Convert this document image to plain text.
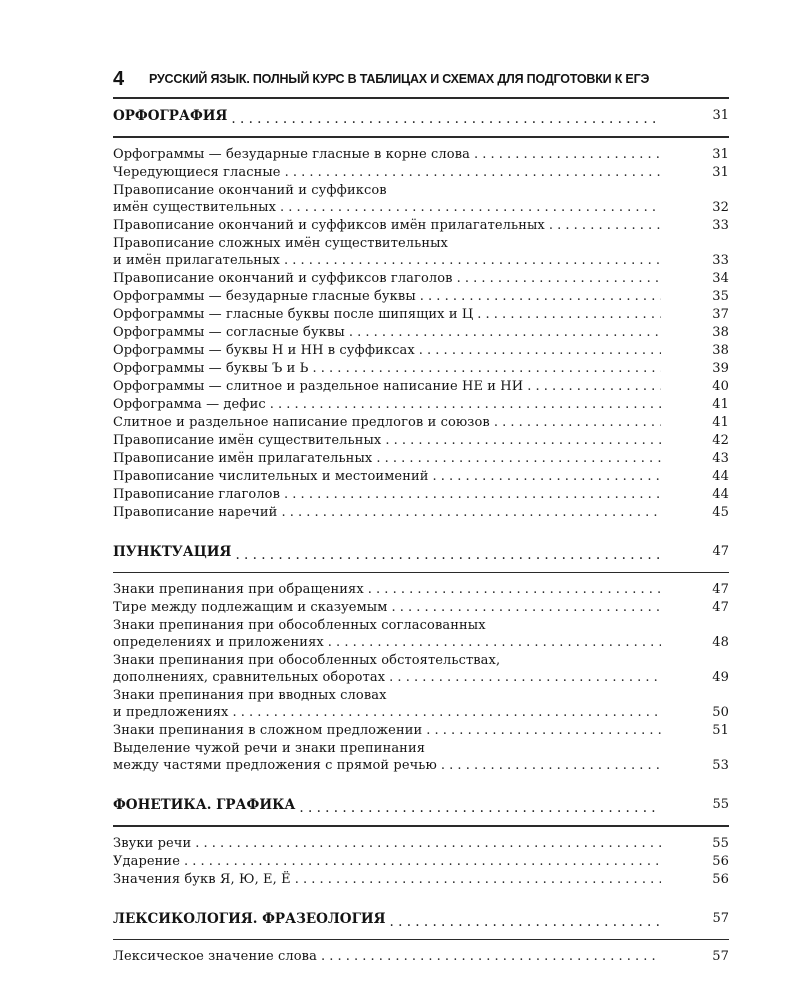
4	РУССКИЙ ЯЗЫК. ПОЛНЫЙ КУРС В ТАБЛИЦАХ И СХЕМАХ ДЛЯ ПОДГОТОВКИ К ЕГЭ
ОРФОГРАФИЯ . . .	31
Орфограммы — безударные гласные в корне слова . . .	31
Чередующиеся гласные . . .	31
Правописание окончаний и суффиксов
имён существительных . . .	32
Правописание окончаний и суффиксов имён прилагательных . . .	33
Правописание сложных имён существительных
и имён прилагательных . . .	33
Правописание окончаний и суффиксов глаголов . . .	34
Орфограммы — безударные гласные буквы . . .	35
Орфограммы — гласные буквы после шипящих и Ц . . .	37
Орфограммы — согласные буквы . . .	38
Орфограммы — буквы Н и НН в суффиксах . . .	38
Орфограммы — буквы Ъ и Ь . . .	39
Орфограммы — слитное и раздельное написание НЕ и НИ . . .	40
Орфограмма — дефис . . .	41
Слитное и раздельное написание предлогов и союзов . . .	41
Правописание имён существительных . . .	42
Правописание имён прилагательных . . .	43
Правописание числительных и местоимений . . .	44
Правописание глаголов . . .	44
Правописание наречий . . .	45
ПУНКТУАЦИЯ . . .	47
Знаки препинания при обращениях . . .	47
Тире между подлежащим и сказуемым . . .	47
Знаки препинания при обособленных согласованных
определениях и приложениях . . .	48
Знаки препинания при обособленных обстоятельствах,
дополнениях, сравнительных оборотах . . .	49
Знаки препинания при вводных словах
и предложениях . . .	50
Знаки препинания в сложном предложении . . .	51
Выделение чужой речи и знаки препинания
между частями предложения с прямой речью . . .	53
ФОНЕТИКА. ГРАФИКА . . .	55
Звуки речи . . .	55
Ударение . . .	56
Значения букв Я, Ю, Е, Ё . . .	56
ЛЕКСИКОЛОГИЯ. ФРАЗЕОЛОГИЯ . . .	57
Лексическое значение слова . . .	57
